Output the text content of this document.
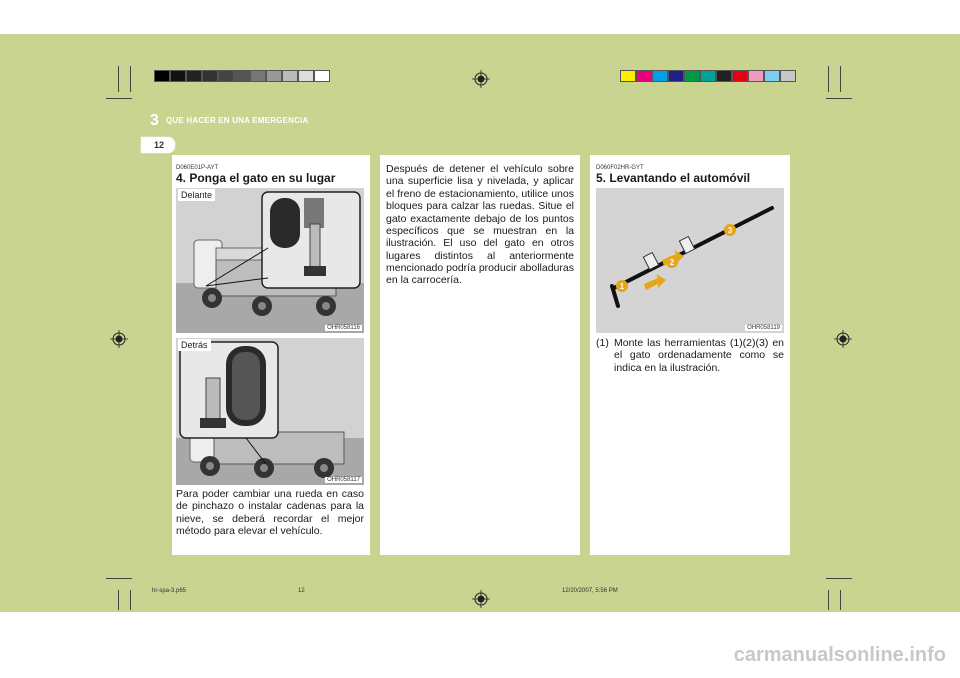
3 QUE HACER EN UNA EMERGENCIA
12
D060E01P-AYT
4. Ponga el gato en su lugar
Delante
OHR058116
Detrás
OHR058117
Para poder cambiar una rueda en caso de pinchazo o instalar cadenas para la nieve, se deberá recordar el mejor método para elevar el vehículo.
Después de detener el vehículo sobre una superficie lisa y nivelada, y aplicar el freno de estacionamiento, utilice unos bloques para calzar las ruedas. Situe el gato exactamente debajo de los puntos específicos que se muestran en la ilustración. El uso del gato en otros lugares distintos al anteriormente mencionado podría producir abolladuras en la carrocería.
D060F02HR-GYT
5. Levantando el automóvil
1
2
3
OHR058119
(1) Monte las herramientas (1)(2)(3) en el gato ordenadamente como se indica en la ilustración.
hr-spa-3.p65	12	12/20/2007, 5:56 PM
carmanualsonline.info
